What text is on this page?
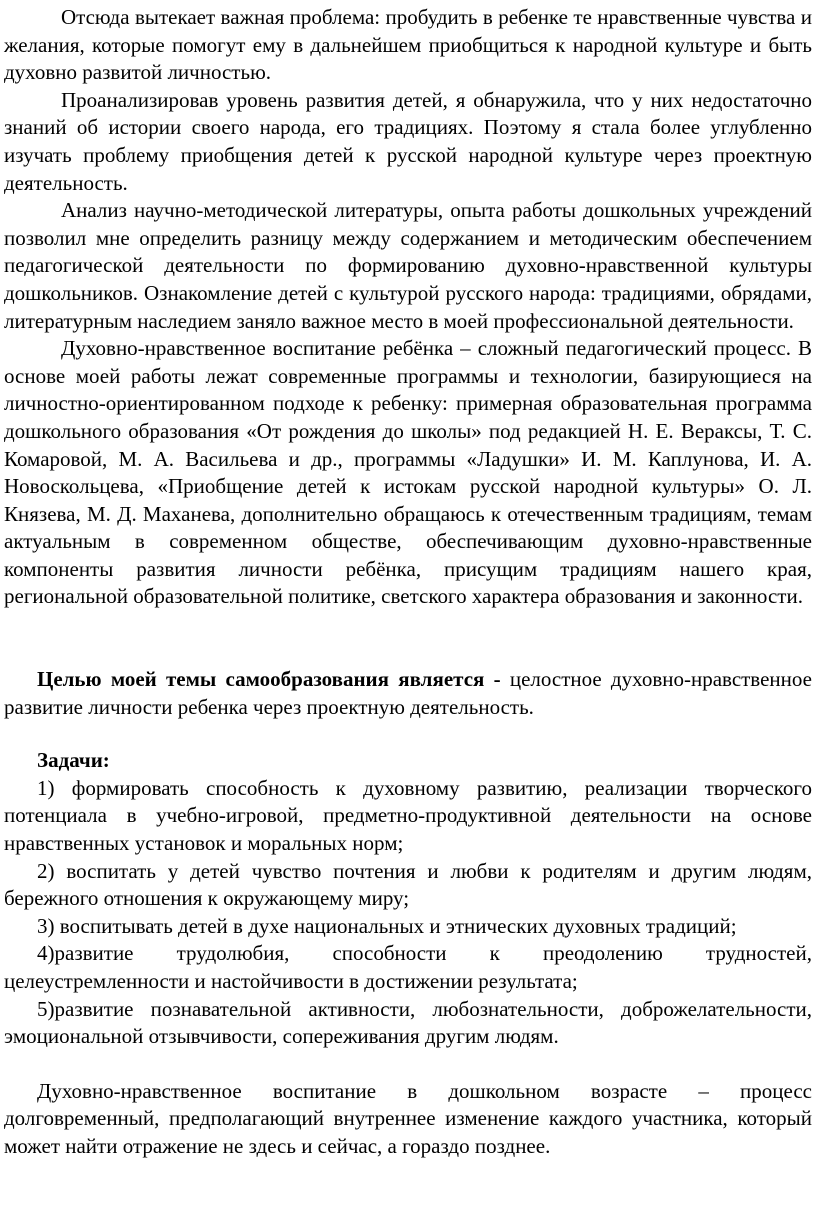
Отсюда вытекает важная проблема: пробудить в ребенке те нравственные чувства и желания, которые помогут ему в дальнейшем приобщиться к народной культуре и быть духовно развитой личностью.

Проанализировав уровень развития детей, я обнаружила, что у них недостаточно знаний об истории своего народа, его традициях. Поэтому я стала более углубленно изучать проблему приобщения детей к русской народной культуре через проектную деятельность.

Анализ научно-методической литературы, опыта работы дошкольных учреждений позволил мне определить разницу между содержанием и методическим обеспечением педагогической деятельности по формированию духовно-нравственной культуры дошкольников. Ознакомление детей с культурой русского народа: традициями, обрядами, литературным наследием заняло важное место в моей профессиональной деятельности.

Духовно-нравственное воспитание ребёнка – сложный педагогический процесс. В основе моей работы лежат современные программы и технологии, базирующиеся на личностно-ориентированном подходе к ребенку: примерная образовательная программа дошкольного образования «От рождения до школы» под редакцией Н. Е. Вераксы, Т. С. Комаровой, М. А. Васильева и др., программы «Ладушки» И. М. Каплунова, И. А. Новоскольцева, «Приобщение детей к истокам русской народной культуры» О. Л. Князева, М. Д. Маханева, дополнительно обращаюсь к отечественным традициям, темам актуальным в современном обществе, обеспечивающим духовно-нравственные компоненты развития личности ребёнка, присущим традициям нашего края, региональной образовательной политике, светского характера образования и законности.

Целью моей темы самообразования является - целостное духовно-нравственное развитие личности ребенка через проектную деятельность.

Задачи:

1) формировать способность к духовному развитию, реализации творческого потенциала в учебно-игровой, предметно-продуктивной деятельности на основе нравственных установок и моральных норм;

2) воспитать у детей чувство почтения и любви к родителям и другим людям, бережного отношения к окружающему миру;

3) воспитывать детей в духе национальных и этнических духовных традиций;

4)развитие трудолюбия, способности к преодолению трудностей, целеустремленности и настойчивости в достижении результата;

5)развитие познавательной активности, любознательности, доброжелательности, эмоциональной отзывчивости, сопереживания другим людям.

Духовно-нравственное воспитание в дошкольном возрасте – процесс долговременный, предполагающий внутреннее изменение каждого участника, который может найти отражение не здесь и сейчас, а гораздо позднее.
